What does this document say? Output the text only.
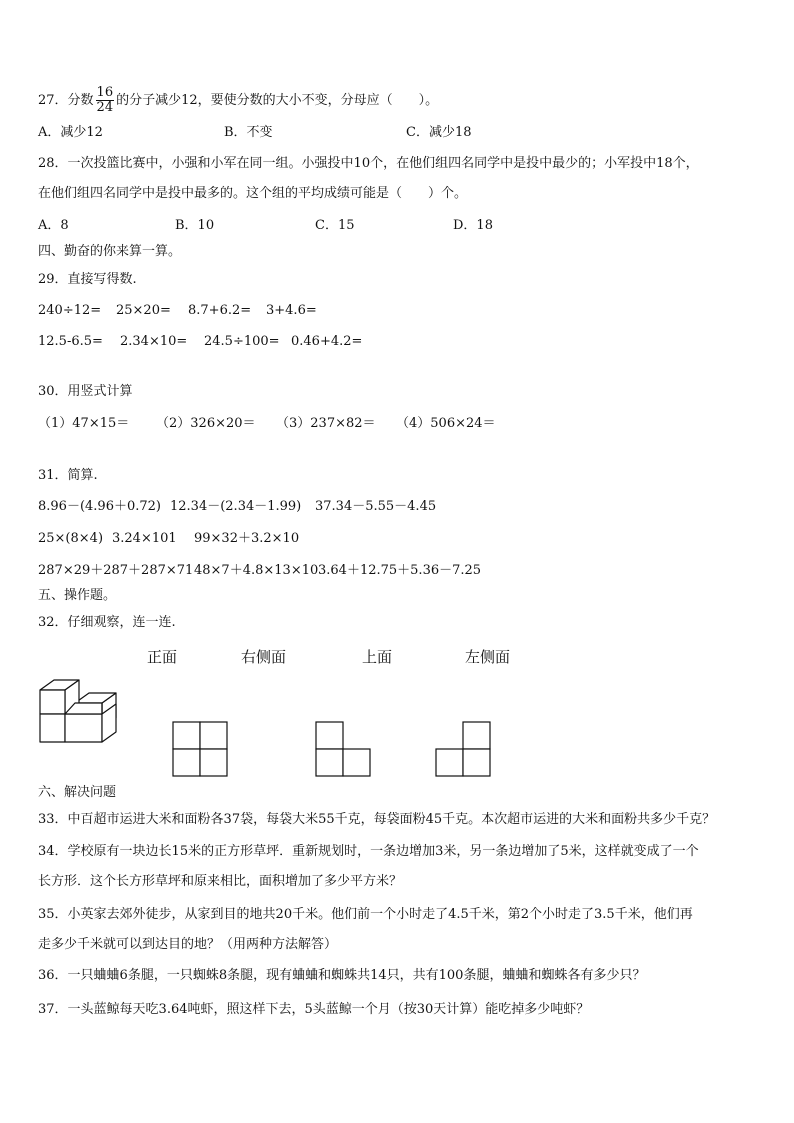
27．分数 $\frac{16}{24}$ 的分子减少12，要使分数的大小不变，分母应（　　）。
A．减少12	B．不变	C．减少18
28．一次投篮比赛中，小强和小军在同一组。小强投中10个，在他们组四名同学中是投中最少的；小军投中18个，
在他们组四名同学中是投中最多的。这个组的平均成绩可能是（　　）个。
A．8	B．10	C．15	D．18
四、勤奋的你来算一算。
29．直接写得数.
240÷12= 25×20= 8.7+6.2= 3+4.6=
12.5-6.5= 2.34×10= 24.5÷100= 0.46+4.2=
30．用竖式计算
（1）47×15＝ （2）326×20＝ （3）237×82＝ （4）506×24＝
31．简算.
8.96－(4.96＋0.72) 12.34－(2.34－1.99) 37.34－5.55－4.45
25×(8×4) 3.24×101 99×32＋3.2×10
287×29＋287＋287×71 48×7＋4.8×13×10 3.64＋12.75＋5.36－7.25
五、操作题。
32．仔细观察，连一连.
正面	右侧面	上面	左侧面
六、解决问题
33．中百超市运进大米和面粉各37袋，每袋大米55千克，每袋面粉45千克。本次超市运进的大米和面粉共多少千克？
34．学校原有一块边长15米的正方形草坪．重新规划时，一条边增加3米，另一条边增加了5米，这样就变成了一个
长方形．这个长方形草坪和原来相比，面积增加了多少平方米？
35．小英家去郊外徒步，从家到目的地共20千米。他们前一个小时走了4.5千米，第2个小时走了3.5千米，他们再
走多少千米就可以到达目的地？（用两种方法解答）
36．一只蛐蛐6条腿，一只蜘蛛8条腿，现有蛐蛐和蜘蛛共14只，共有100条腿，蛐蛐和蜘蛛各有多少只？
37．一头蓝鲸每天吃3.64吨虾，照这样下去，5头蓝鲸一个月（按30天计算）能吃掉多少吨虾？
